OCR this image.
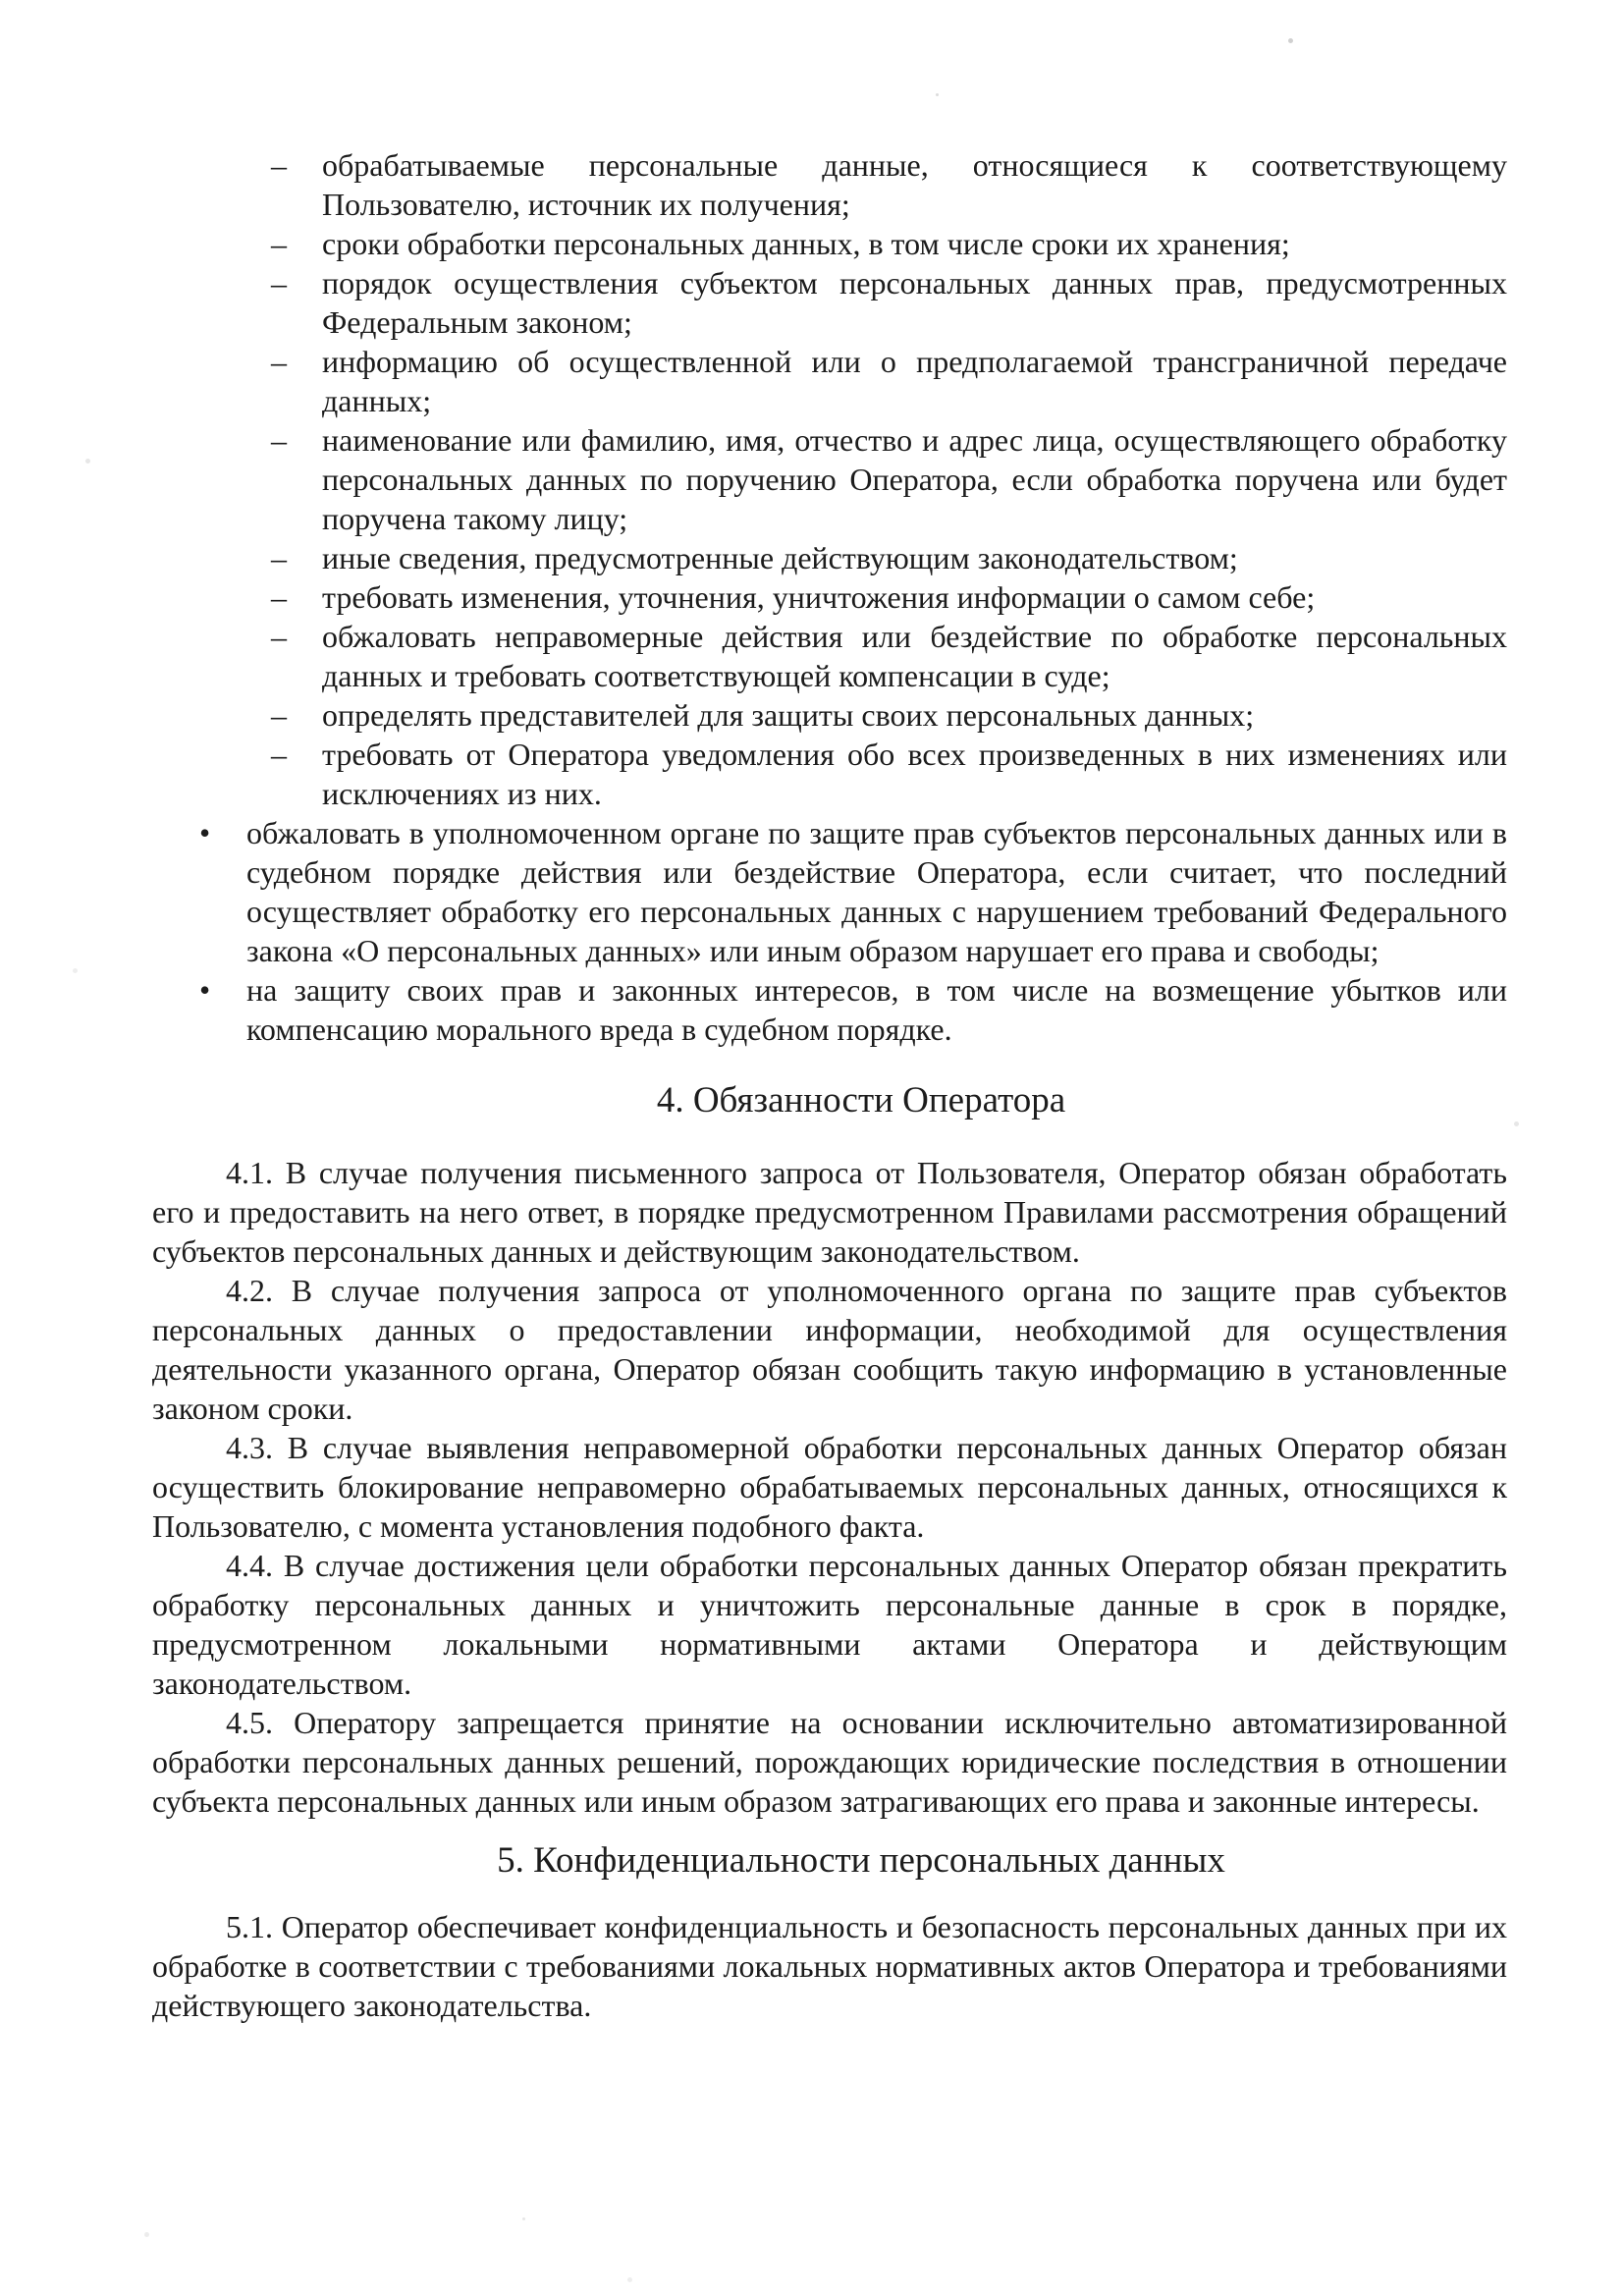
– обрабатываемые персональные данные, относящиеся к соответствующему Пользователю, источник их получения;
– сроки обработки персональных данных, в том числе сроки их хранения;
– порядок осуществления субъектом персональных данных прав, предусмотренных Федеральным законом;
– информацию об осуществленной или о предполагаемой трансграничной передаче данных;
– наименование или фамилию, имя, отчество и адрес лица, осуществляющего обработку персональных данных по поручению Оператора, если обработка поручена или будет поручена такому лицу;
– иные сведения, предусмотренные действующим законодательством;
– требовать изменения, уточнения, уничтожения информации о самом себе;
– обжаловать неправомерные действия или бездействие по обработке персональных данных и требовать соответствующей компенсации в суде;
– определять представителей для защиты своих персональных данных;
– требовать от Оператора уведомления обо всех произведенных в них изменениях или исключениях из них.
• обжаловать в уполномоченном органе по защите прав субъектов персональных данных или в судебном порядке действия или бездействие Оператора, если считает, что последний осуществляет обработку его персональных данных с нарушением требований Федерального закона «О персональных данных» или иным образом нарушает его права и свободы;
• на защиту своих прав и законных интересов, в том числе на возмещение убытков или компенсацию морального вреда в судебном порядке.
4. Обязанности Оператора

4.1. В случае получения письменного запроса от Пользователя, Оператор обязан обработать его и предоставить на него ответ, в порядке предусмотренном Правилами рассмотрения обращений субъектов персональных данных и действующим законодательством.

4.2. В случае получения запроса от уполномоченного органа по защите прав субъектов персональных данных о предоставлении информации, необходимой для осуществления деятельности указанного органа, Оператор обязан сообщить такую информацию в установленные законом сроки.

4.3. В случае выявления неправомерной обработки персональных данных Оператор обязан осуществить блокирование неправомерно обрабатываемых персональных данных, относящихся к Пользователю, с момента установления подобного факта.

4.4. В случае достижения цели обработки персональных данных Оператор обязан прекратить обработку персональных данных и уничтожить персональные данные в срок в порядке, предусмотренном локальными нормативными актами Оператора и действующим законодательством.

4.5. Оператору запрещается принятие на основании исключительно автоматизированной обработки персональных данных решений, порождающих юридические последствия в отношении субъекта персональных данных или иным образом затрагивающих его права и законные интересы.

5. Конфиденциальности персональных данных

5.1. Оператор обеспечивает конфиденциальность и безопасность персональных данных при их обработке в соответствии с требованиями локальных нормативных актов Оператора и требованиями действующего законодательства.
